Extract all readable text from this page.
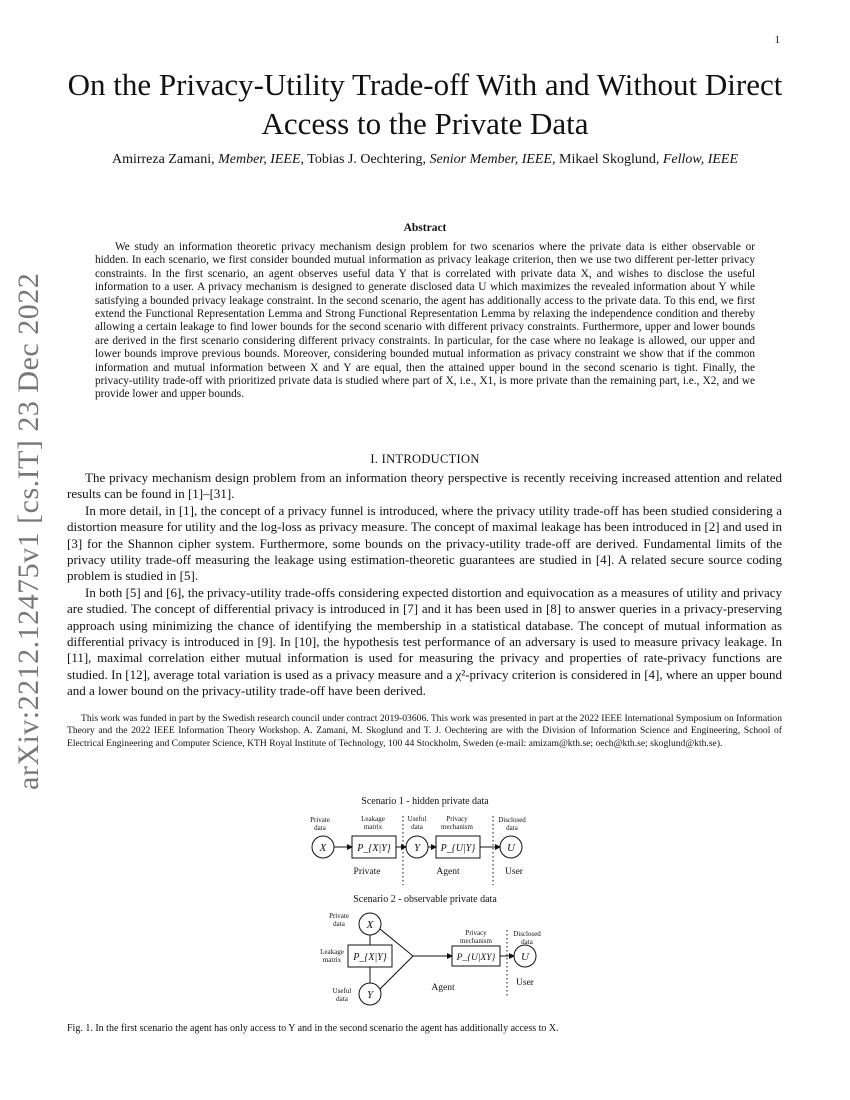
1
arXiv:2212.12475v1 [cs.IT] 23 Dec 2022
On the Privacy-Utility Trade-off With and Without Direct Access to the Private Data
Amirreza Zamani, Member, IEEE, Tobias J. Oechtering, Senior Member, IEEE, Mikael Skoglund, Fellow, IEEE
Abstract

We study an information theoretic privacy mechanism design problem for two scenarios where the private data is either observable or hidden. In each scenario, we first consider bounded mutual information as privacy leakage criterion, then we use two different per-letter privacy constraints. In the first scenario, an agent observes useful data Y that is correlated with private data X, and wishes to disclose the useful information to a user. A privacy mechanism is designed to generate disclosed data U which maximizes the revealed information about Y while satisfying a bounded privacy leakage constraint. In the second scenario, the agent has additionally access to the private data. To this end, we first extend the Functional Representation Lemma and Strong Functional Representation Lemma by relaxing the independence condition and thereby allowing a certain leakage to find lower bounds for the second scenario with different privacy constraints. Furthermore, upper and lower bounds are derived in the first scenario considering different privacy constraints. In particular, for the case where no leakage is allowed, our upper and lower bounds improve previous bounds. Moreover, considering bounded mutual information as privacy constraint we show that if the common information and mutual information between X and Y are equal, then the attained upper bound in the second scenario is tight. Finally, the privacy-utility trade-off with prioritized private data is studied where part of X, i.e., X1, is more private than the remaining part, i.e., X2, and we provide lower and upper bounds.

I. INTRODUCTION

The privacy mechanism design problem from an information theory perspective is recently receiving increased attention and related results can be found in [1]–[31].

In more detail, in [1], the concept of a privacy funnel is introduced, where the privacy utility trade-off has been studied considering a distortion measure for utility and the log-loss as privacy measure. The concept of maximal leakage has been introduced in [2] and used in [3] for the Shannon cipher system. Furthermore, some bounds on the privacy-utility trade-off are derived. Fundamental limits of the privacy utility trade-off measuring the leakage using estimation-theoretic guarantees are studied in [4]. A related secure source coding problem is studied in [5].

In both [5] and [6], the privacy-utility trade-offs considering expected distortion and equivocation as a measures of utility and privacy are studied. The concept of differential privacy is introduced in [7] and it has been used in [8] to answer queries in a privacy-preserving approach using minimizing the chance of identifying the membership in a statistical database. The concept of mutual information as differential privacy is introduced in [9]. In [10], the hypothesis test performance of an adversary is used to measure privacy leakage. In [11], maximal correlation either mutual information is used for measuring the privacy and properties of rate-privacy functions are studied. In [12], average total variation is used as a privacy measure and a χ²-privacy criterion is considered in [4], where an upper bound and a lower bound on the privacy-utility trade-off have been derived.

This work was funded in part by the Swedish research council under contract 2019-03606. This work was presented in part at the 2022 IEEE International Symposium on Information Theory and the 2022 IEEE Information Theory Workshop. A. Zamani, M. Skoglund and T. J. Oechtering are with the Division of Information Science and Engineering, School of Electrical Engineering and Computer Science, KTH Royal Institute of Technology, 100 44 Stockholm, Sweden (e-mail: amizam@kth.se; oech@kth.se; skoglund@kth.se).

Scenario 1 - hidden private data
Private
data
Leakage
matrix
Useful
data
Privacy
mechanism
Disclosed
data
X	P_{X|Y} Y P_{U|Y}	U
Private	Agent	User
Scenario 2 - observable private data
Private
data X
Leakage
matrix P_{X|Y}
Useful
data Y
Privacy
mechanism
P_{U|XY}
Disclosed
data
U
Agent	User

Fig. 1. In the first scenario the agent has only access to Y and in the second scenario the agent has additionally access to X.
